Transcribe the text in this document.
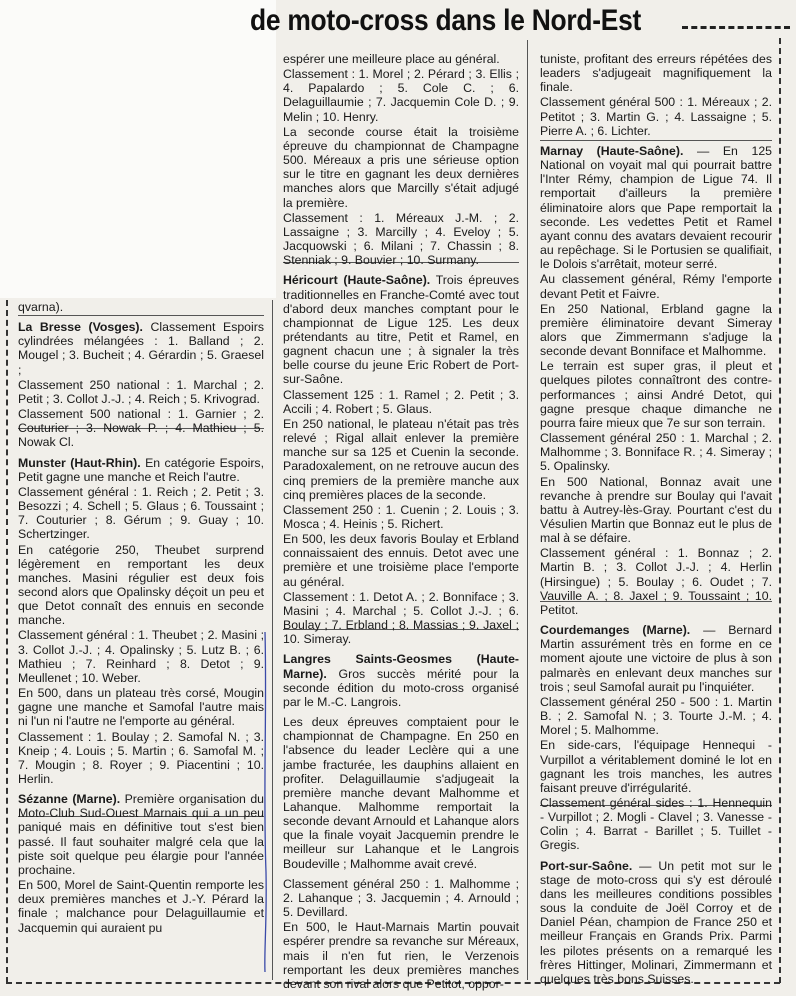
de moto-cross dans le Nord-Est

qvarna).

La Bresse (Vosges). Classement Espoirs cylindrées mélangées : 1. Balland ; 2. Mougel ; 3. Bucheit ; 4. Gérardin ; 5. Graesel ;

Classement 250 national : 1. Marchal ; 2. Petit ; 3. Collot J.-J. ; 4. Reich ; 5. Krivograd.

Classement 500 national : 1. Garnier ; 2. Couturier ; 3. Nowak P. ; 4. Mathieu ; 5. Nowak Cl.

Munster (Haut-Rhin). En catégorie Espoirs, Petit gagne une manche et Reich l'autre.

Classement général : 1. Reich ; 2. Petit ; 3. Besozzi ; 4. Schell ; 5. Glaus ; 6. Toussaint ; 7. Couturier ; 8. Gérum ; 9. Guay ; 10. Schertzinger.

En catégorie 250, Theubet surprend légèrement en remportant les deux manches. Masini régulier est deux fois second alors que Opalinsky déçoit un peu et que Detot connaît des ennuis en seconde manche.

Classement général : 1. Theubet ; 2. Masini ; 3. Collot J.-J. ; 4. Opalinsky ; 5. Lutz B. ; 6. Mathieu ; 7. Reinhard ; 8. Detot ; 9. Meullenet ; 10. Weber.

En 500, dans un plateau très corsé, Mougin gagne une manche et Samofal l'autre mais ni l'un ni l'autre ne l'emporte au général.

Classement : 1. Boulay ; 2. Samofal N. ; 3. Kneip ; 4. Louis ; 5. Martin ; 6. Samofal M. ; 7. Mougin ; 8. Royer ; 9. Piacentini ; 10. Herlin.

Sézanne (Marne). Première organisation du Moto-Club Sud-Ouest Marnais qui a un peu paniqué mais en définitive tout s'est bien passé. Il faut souhaiter malgré cela que la piste soit quelque peu élargie pour l'année prochaine.

En 500, Morel de Saint-Quentin remporte les deux premières manches et J.-Y. Pérard la finale ; malchance pour Delaguillaumie et Jacquemin qui auraient pu

espérer une meilleure place au général.

Classement : 1. Morel ; 2. Pérard ; 3. Ellis ; 4. Papalardo ; 5. Cole C. ; 6. Delaguillaumie ; 7. Jacquemin Cole D. ; 9. Melin ; 10. Henry.

La seconde course était la troisième épreuve du championnat de Champagne 500. Méreaux a pris une sérieuse option sur le titre en gagnant les deux dernières manches alors que Marcilly s'était adjugé la première.

Classement : 1. Méreaux J.-M. ; 2. Lassaigne ; 3. Marcilly ; 4. Eveloy ; 5. Jacquowski ; 6. Milani ; 7. Chassin ; 8. Stenniak ; 9. Bouvier ; 10. Surmany.

Héricourt (Haute-Saône). Trois épreuves traditionnelles en Franche-Comté avec tout d'abord deux manches comptant pour le championnat de Ligue 125. Les deux prétendants au titre, Petit et Ramel, en gagnent chacun une ; à signaler la très belle course du jeune Eric Robert de Port-sur-Saône.

Classement 125 : 1. Ramel ; 2. Petit ; 3. Accili ; 4. Robert ; 5. Glaus.

En 250 national, le plateau n'était pas très relevé ; Rigal allait enlever la première manche sur sa 125 et Cuenin la seconde. Paradoxalement, on ne retrouve aucun des cinq premiers de la première manche aux cinq premières places de la seconde.

Classement 250 : 1. Cuenin ; 2. Louis ; 3. Mosca ; 4. Heinis ; 5. Richert.

En 500, les deux favoris Boulay et Erbland connaissaient des ennuis. Detot avec une première et une troisième place l'emporte au général.

Classement : 1. Detot A. ; 2. Bonniface ; 3. Masini ; 4. Marchal ; 5. Collot J.-J. ; 6. Boulay ; 7. Erbland ; 8. Massias ; 9. Jaxel ; 10. Simeray.

Langres Saints-Geosmes (Haute-Marne). Gros succès mérité pour la seconde édition du moto-cross organisé par le M.-C. Langrois.

Les deux épreuves comptaient pour le championnat de Champagne. En 250 en l'absence du leader Leclère qui a une jambe fracturée, les dauphins allaient en profiter. Delaguillaumie s'adjugeait la première manche devant Malhomme et Lahanque. Malhomme remportait la seconde devant Arnould et Lahanque alors que la finale voyait Jacquemin prendre le meilleur sur Lahanque et le Langrois Boudeville ; Malhomme avait crevé.

Classement général 250 : 1. Malhomme ; 2. Lahanque ; 3. Jacquemin ; 4. Arnould ; 5. Devillard.

En 500, le Haut-Marnais Martin pouvait espérer prendre sa revanche sur Méreaux, mais il n'en fut rien, le Verzenois remportant les deux premières manches devant son rival alors que Petitot, oppor-

tuniste, profitant des erreurs répétées des leaders s'adjugeait magnifiquement la finale.

Classement général 500 : 1. Méreaux ; 2. Petitot ; 3. Martin G. ; 4. Lassaigne ; 5. Pierre A. ; 6. Lichter.

Marnay (Haute-Saône). — En 125 National on voyait mal qui pourrait battre l'Inter Rémy, champion de Ligue 74. Il remportait d'ailleurs la première éliminatoire alors que Pape remportait la seconde. Les vedettes Petit et Ramel ayant connu des avatars devaient recourir au repêchage. Si le Portusien se qualifiait, le Dolois s'arrêtait, moteur serré.

Au classement général, Rémy l'emporte devant Petit et Faivre.

En 250 National, Erbland gagne la première éliminatoire devant Simeray alors que Zimmermann s'adjuge la seconde devant Bonniface et Malhomme.

Le terrain est super gras, il pleut et quelques pilotes connaîtront des contre-performances ; ainsi André Detot, qui gagne presque chaque dimanche ne pourra faire mieux que 7e sur son terrain.

Classement général 250 : 1. Marchal ; 2. Malhomme ; 3. Bonniface R. ; 4. Simeray ; 5. Opalinsky.

En 500 National, Bonnaz avait une revanche à prendre sur Boulay qui l'avait battu à Autrey-lès-Gray. Pourtant c'est du Vésulien Martin que Bonnaz eut le plus de mal à se défaire.

Classement général : 1. Bonnaz ; 2. Martin B. ; 3. Collot J.-J. ; 4. Herlin (Hirsingue) ; 5. Boulay ; 6. Oudet ; 7. Vauville A. ; 8. Jaxel ; 9. Toussaint ; 10. Petitot.

Courdemanges (Marne). — Bernard Martin assurément très en forme en ce moment ajoute une victoire de plus à son palmarès en enlevant deux manches sur trois ; seul Samofal aurait pu l'inquiéter.

Classement général 250 - 500 : 1. Martin B. ; 2. Samofal N. ; 3. Tourte J.-M. ; 4. Morel ; 5. Malhomme.

En side-cars, l'équipage Hennequi - Vurpillot a véritablement dominé le lot en gagnant les trois manches, les autres faisant preuve d'irrégularité.

Classement général sides : 1. Hennequin - Vurpillot ; 2. Mogli - Clavel ; 3. Vanesse - Colin ; 4. Barrat - Barillet ; 5. Tuillet - Gregis.

Port-sur-Saône. — Un petit mot sur le stage de moto-cross qui s'y est déroulé dans les meilleures conditions possibles sous la conduite de Joël Corroy et de Daniel Péan, champion de France 250 et meilleur Français en Grands Prix. Parmi les pilotes présents on a remarqué les frères Hittinger, Molinari, Zimmermann et quelques très bons Suisses.
